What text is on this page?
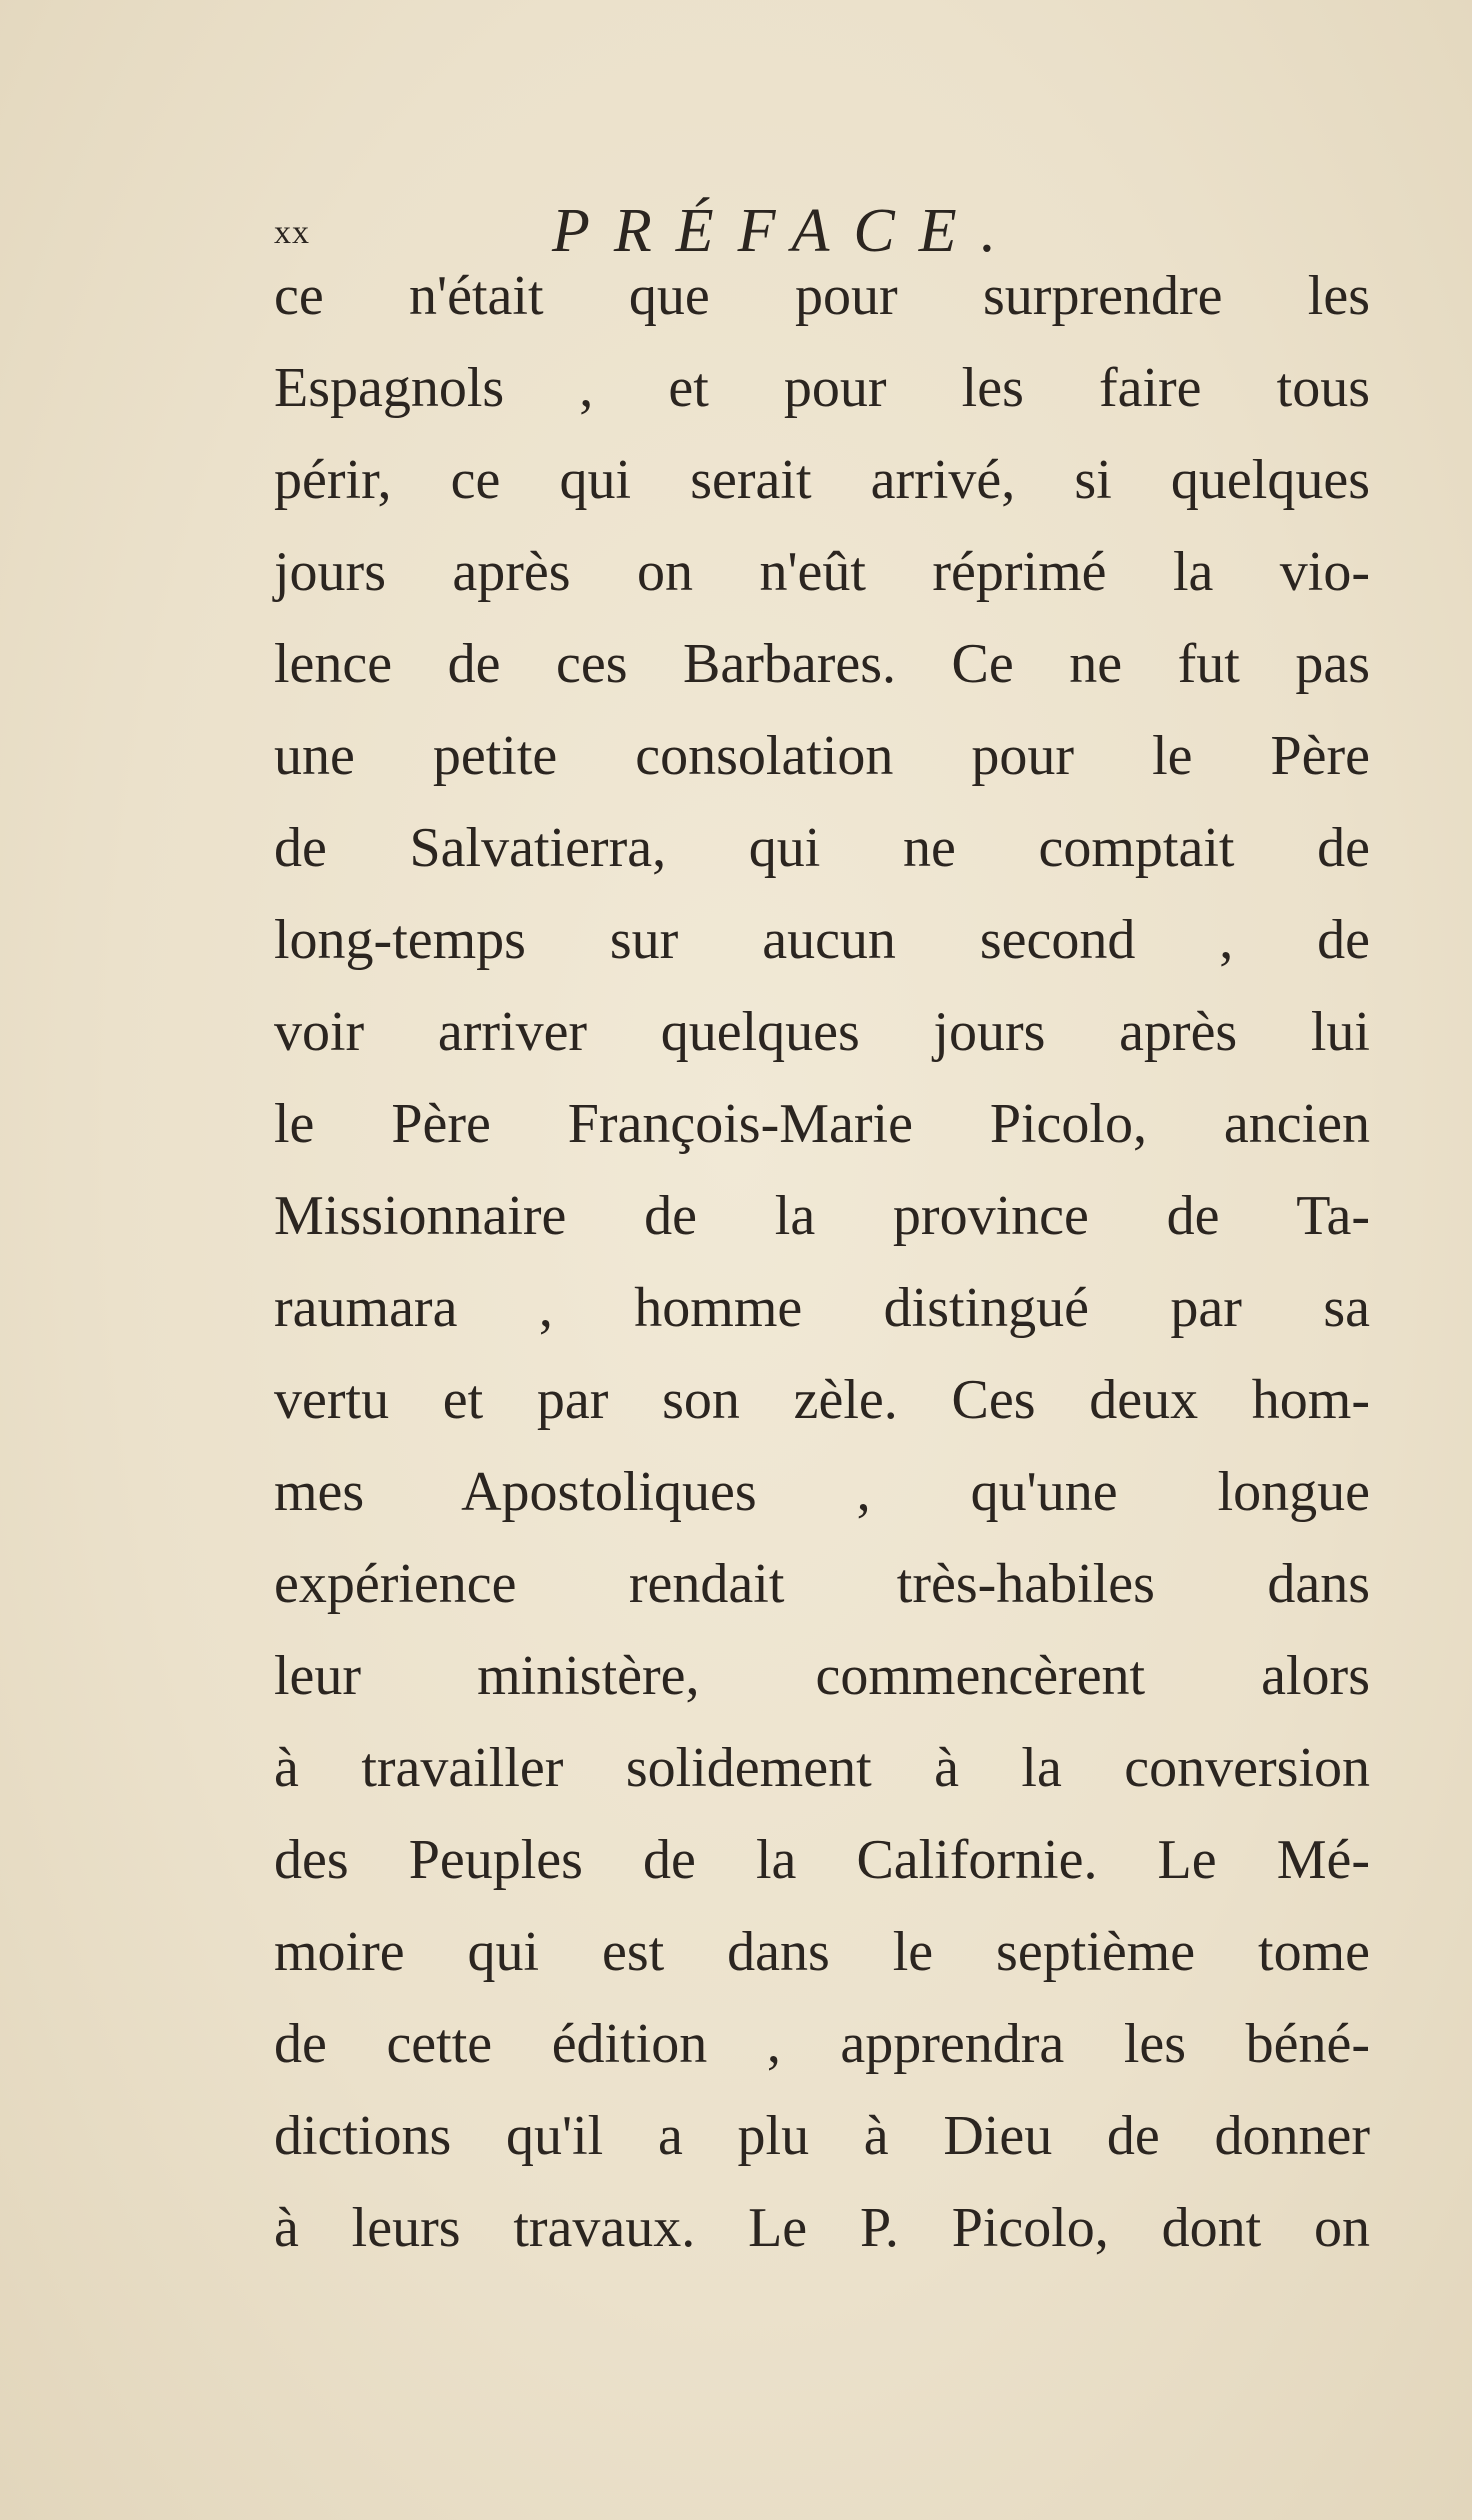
xx	PRÉFACE.
ce n'était que pour surprendre les
Espagnols , et pour les faire tous
périr, ce qui serait arrivé, si quelques
jours après on n'eût réprimé la vio-
lence de ces Barbares. Ce ne fut pas
une petite consolation pour le Père
de Salvatierra, qui ne comptait de
long-temps sur aucun second , de
voir arriver quelques jours après lui
le Père François-Marie Picolo, ancien
Missionnaire de la province de Ta-
raumara , homme distingué par sa
vertu et par son zèle. Ces deux hom-
mes Apostoliques , qu'une longue
expérience rendait très-habiles dans
leur ministère, commencèrent alors
à travailler solidement à la conversion
des Peuples de la Californie. Le Mé-
moire qui est dans le septième tome
de cette édition , apprendra les béné-
dictions qu'il a plu à Dieu de donner
à leurs travaux. Le P. Picolo, dont on
